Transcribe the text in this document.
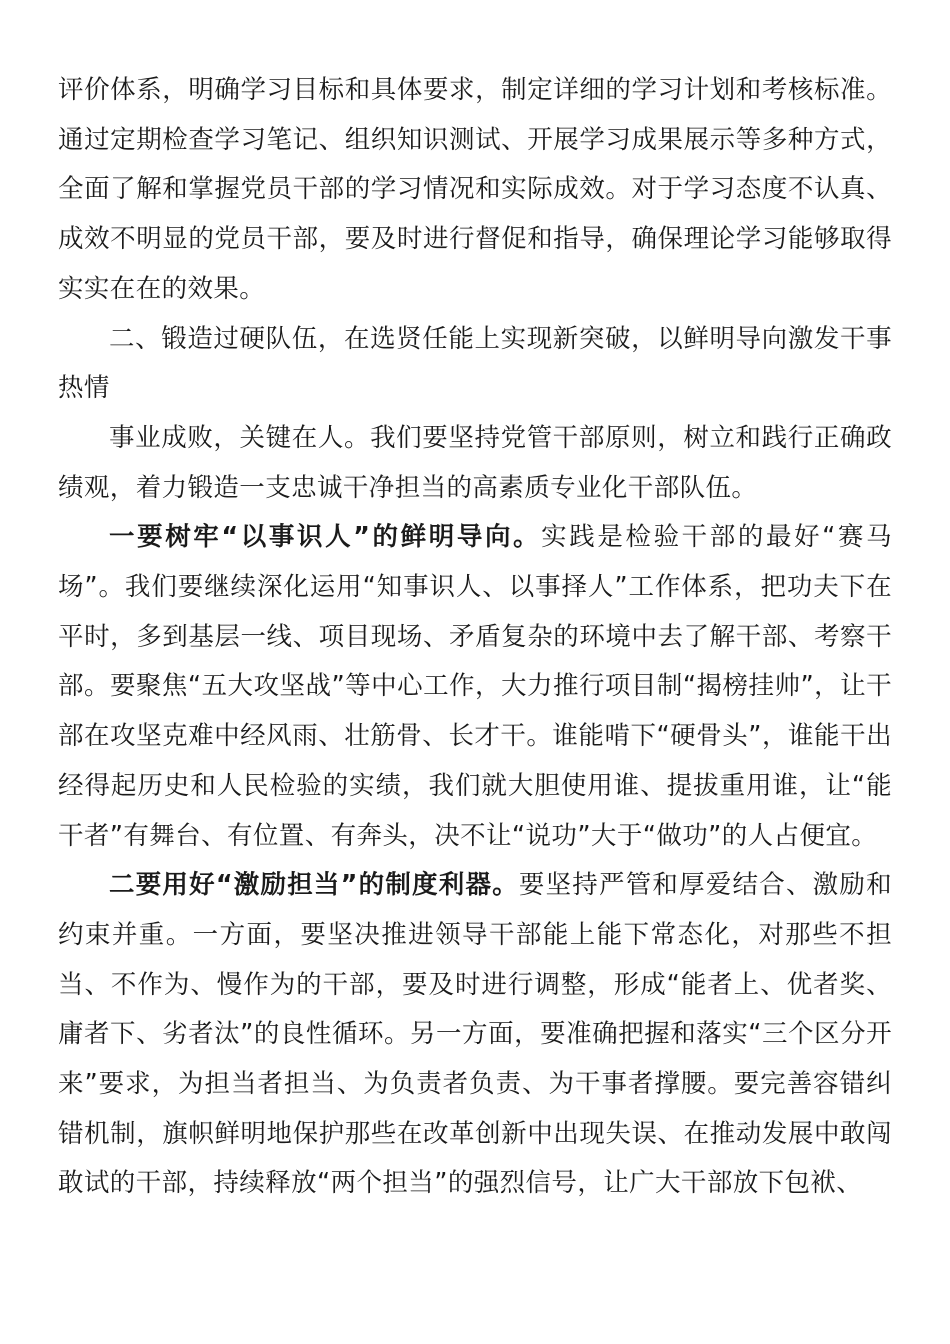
评价体系，明确学习目标和具体要求，制定详细的学习计划和考核标准。通过定期检查学习笔记、组织知识测试、开展学习成果展示等多种方式，全面了解和掌握党员干部的学习情况和实际成效。对于学习态度不认真、成效不明显的党员干部，要及时进行督促和指导，确保理论学习能够取得实实在在的效果。

二、锻造过硬队伍，在选贤任能上实现新突破，以鲜明导向激发干事热情

事业成败，关键在人。我们要坚持党管干部原则，树立和践行正确政绩观，着力锻造一支忠诚干净担当的高素质专业化干部队伍。

一要树牢“以事识人”的鲜明导向。实践是检验干部的最好“赛马场”。我们要继续深化运用“知事识人、以事择人”工作体系，把功夫下在平时，多到基层一线、项目现场、矛盾复杂的环境中去了解干部、考察干部。要聚焦“五大攻坚战”等中心工作，大力推行项目制“揭榜挂帅”，让干部在攻坚克难中经风雨、壮筋骨、长才干。谁能啃下“硬骨头”，谁能干出经得起历史和人民检验的实绩，我们就大胆使用谁、提拔重用谁，让“能干者”有舞台、有位置、有奔头，决不让“说功”大于“做功”的人占便宜。

二要用好“激励担当”的制度利器。要坚持严管和厚爱结合、激励和约束并重。一方面，要坚决推进领导干部能上能下常态化，对那些不担当、不作为、慢作为的干部，要及时进行调整，形成“能者上、优者奖、庸者下、劣者汰”的良性循环。另一方面，要准确把握和落实“三个区分开来”要求，为担当者担当、为负责者负责、为干事者撑腰。要完善容错纠错机制，旗帜鲜明地保护那些在改革创新中出现失误、在推动发展中敢闯敢试的干部，持续释放“两个担当”的强烈信号，让广大干部放下包袱、
